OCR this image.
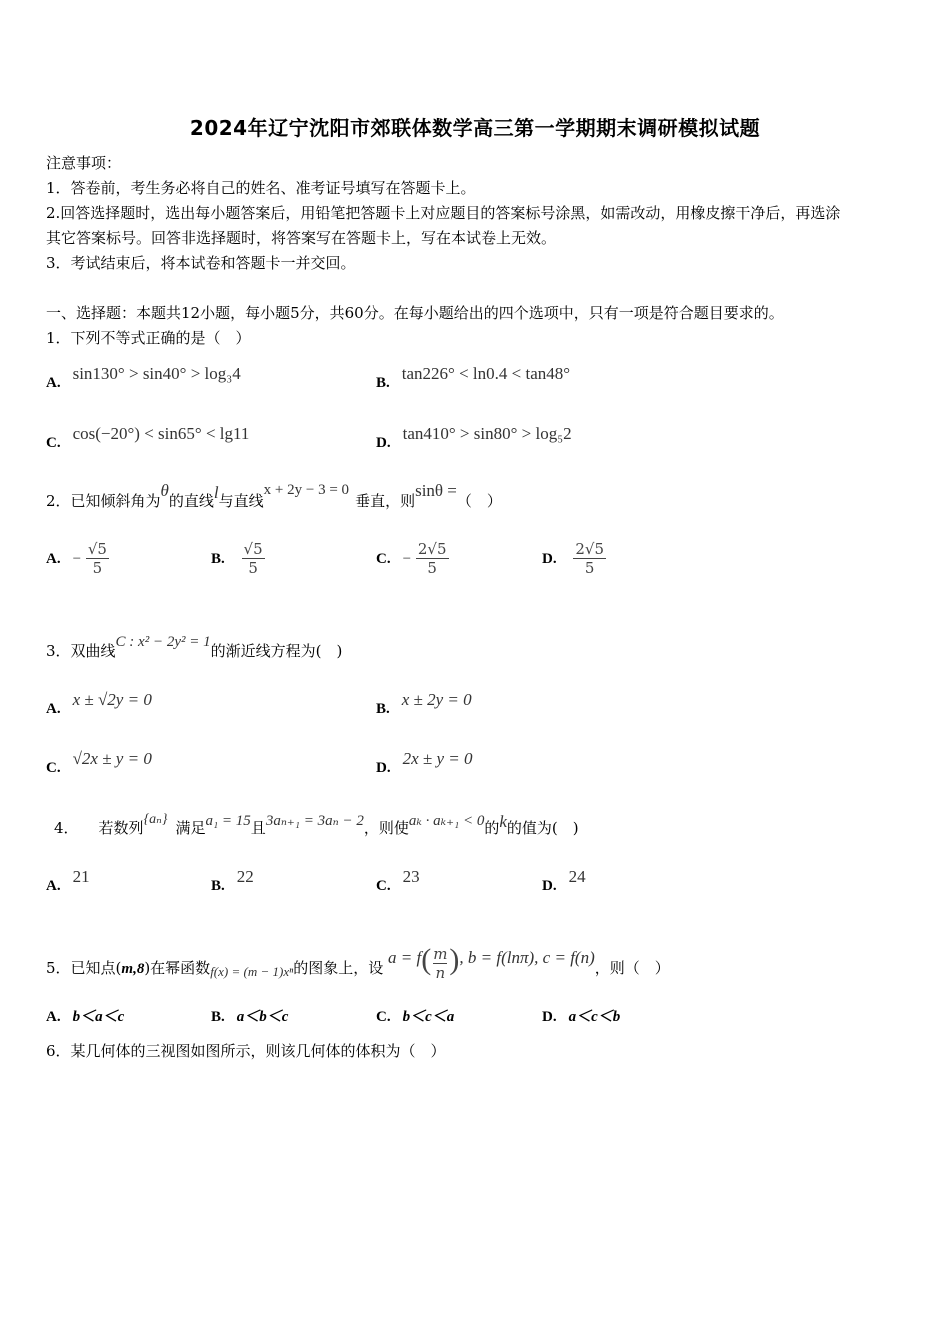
2024年辽宁沈阳市郊联体数学高三第一学期期末调研模拟试题
注意事项：
1．答卷前，考生务必将自己的姓名、准考证号填写在答题卡上。
2.回答选择题时，选出每小题答案后，用铅笔把答题卡上对应题目的答案标号涂黑，如需改动，用橡皮擦干净后，再选涂
其它答案标号。回答非选择题时，将答案写在答题卡上，写在本试卷上无效。
3．考试结束后，将本试卷和答题卡一并交回。
一、选择题：本题共12小题，每小题5分，共60分。在每小题给出的四个选项中，只有一项是符合题目要求的。
1．下列不等式正确的是（　）
A. sin130° > sin40° > log₃4	B. tan226° < ln0.4 < tan48°
C. cos(−20°) < sin65° < lg11	D. tan410° > sin80° > log₅2
2．已知倾斜角为θ的直线l与直线x + 2y − 3 = 0垂直，则sinθ =（　）
A. − $\frac{√5}{5}$	B. $\frac{√5}{5}$	C. − $\frac{2√5}{5}$	D. $\frac{2√5}{5}$
3．双曲线C : x² − 2y² = 1的渐近线方程为(　)
A. x ± √2y = 0	B. x ± 2y = 0
C. √2x ± y = 0	D. 2x ± y = 0
4． 若数列{aₙ} 满足a₁ = 15且3aₙ₊₁ = 3aₙ − 2，则使aₖ · aₖ₊₁ < 0的k的值为(　)
A. 21	B. 22	C. 23	D. 24
5．已知点(m,8)在幂函数f(x) = (m − 1)xⁿ的图象上，设 $a = f( \frac{m}{n}$ ), b = f(lnπ), c = f(n)，则（　）
A. b＜a＜c	B. a＜b＜c	C. b＜c＜a	D. a＜c＜b
6．某几何体的三视图如图所示，则该几何体的体积为（　）
